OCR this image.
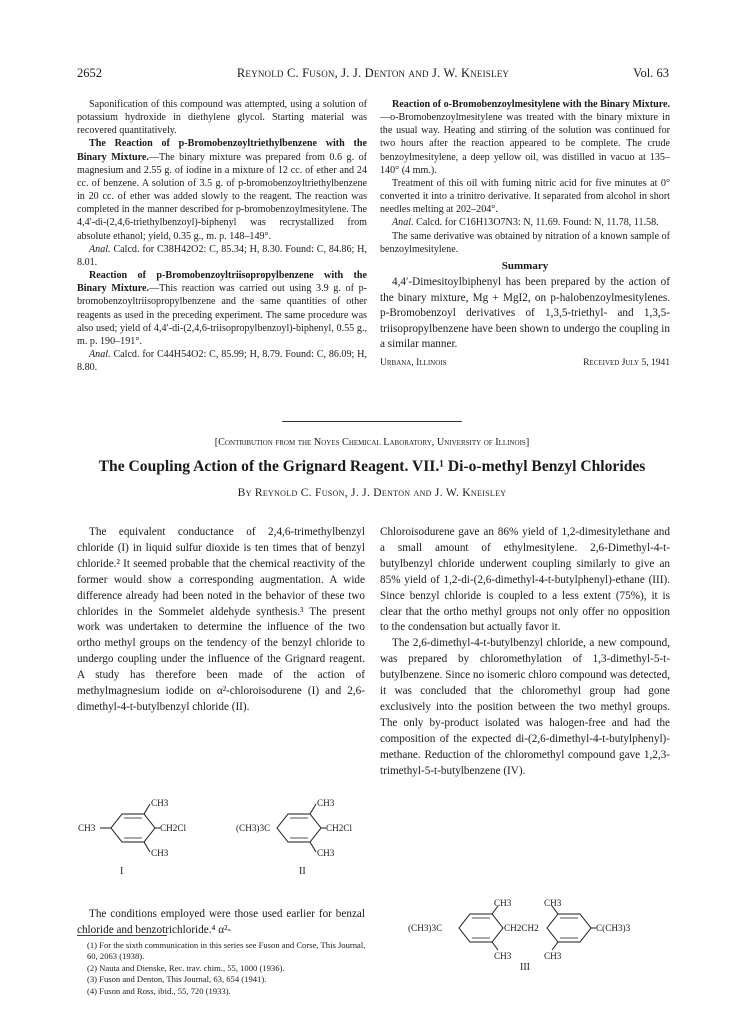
2652	Reynold C. Fuson, J. J. Denton and J. W. Kneisley	Vol. 63

Saponification of this compound was attempted, using a solution of potassium hydroxide in diethylene glycol. Starting material was recovered quantitatively.

The Reaction of p-Bromobenzoyltriethylbenzene with the Binary Mixture.—The binary mixture was prepared from 0.6 g. of magnesium and 2.55 g. of iodine in a mixture of 12 cc. of ether and 24 cc. of benzene. A solution of 3.5 g. of p-bromobenzoyltriethylbenzene in 20 cc. of ether was added slowly to the reagent. The reaction was completed in the manner described for p-bromobenzoylmesitylene. The 4,4′-di-(2,4,6-triethylbenzoyl)-biphenyl was recrystallized from absolute ethanol; yield, 0.35 g., m. p. 148–149°.

Anal. Calcd. for C38H42O2: C, 85.34; H, 8.30. Found: C, 84.86; H, 8.01.

Reaction of p-Bromobenzoyltriisopropylbenzene with the Binary Mixture.—This reaction was carried out using 3.9 g. of p-bromobenzoyltriisopropylbenzene and the same quantities of other reagents as used in the preceding experiment. The same procedure was also used; yield of 4,4′-di-(2,4,6-triisopropylbenzoyl)-biphenyl, 0.55 g., m. p. 190–191°.

Anal. Calcd. for C44H54O2: C, 85.99; H, 8.79. Found: C, 86.09; H, 8.80.

Reaction of o-Bromobenzoylmesitylene with the Binary Mixture.—o-Bromobenzoylmesitylene was treated with the binary mixture in the usual way. Heating and stirring of the solution was continued for two hours after the reaction appeared to be complete. The crude benzoylmesitylene, a deep yellow oil, was distilled in vacuo at 135–140° (4 mm.).

Treatment of this oil with fuming nitric acid for five minutes at 0° converted it into a trinitro derivative. It separated from alcohol in short needles melting at 202–204°.

Anal. Calcd. for C16H13O7N3: N, 11.69. Found: N, 11.78, 11.58.

The same derivative was obtained by nitration of a known sample of benzoylmesitylene.

Summary

4,4′-Dimesitoylbiphenyl has been prepared by the action of the binary mixture, Mg + MgI2, on p-halobenzoylmesitylenes. p-Bromobenzoyl derivatives of 1,3,5-triethyl- and 1,3,5-triisopropylbenzene have been shown to undergo the coupling in a similar manner.

Urbana, Illinois	Received July 5, 1941
[Contribution from the Noyes Chemical Laboratory, University of Illinois]
The Coupling Action of the Grignard Reagent. VII.¹ Di-o-methyl Benzyl Chlorides
By Reynold C. Fuson, J. J. Denton and J. W. Kneisley

The equivalent conductance of 2,4,6-trimethylbenzyl chloride (I) in liquid sulfur dioxide is ten times that of benzyl chloride.² It seemed probable that the chemical reactivity of the former would show a corresponding augmentation. A wide difference already had been noted in the behavior of these two chlorides in the Sommelet aldehyde synthesis.³ The present work was undertaken to determine the influence of the two ortho methyl groups on the tendency of the benzyl chloride to undergo coupling under the influence of the Grignard reagent. A study has therefore been made of the action of methylmagnesium iodide on α²-chloroisodurene (I) and 2,6-dimethyl-4-t-butylbenzyl chloride (II).

Chloroisodurene gave an 86% yield of 1,2-dimesitylethane and a small amount of ethylmesitylene. 2,6-Dimethyl-4-t-butylbenzyl chloride underwent coupling similarly to give an 85% yield of 1,2-di-(2,6-dimethyl-4-t-butylphenyl)-ethane (III). Since benzyl chloride is coupled to a less extent (75%), it is clear that the ortho methyl groups not only offer no opposition to the condensation but actually favor it.

The 2,6-dimethyl-4-t-butylbenzyl chloride, a new compound, was prepared by chloromethylation of 1,3-dimethyl-5-t-butylbenzene. Since no isomeric chloro compound was detected, it was concluded that the chloromethyl group had gone exclusively into the position between the two methyl groups. The only by-product isolated was halogen-free and had the composition of the expected di-(2,6-dimethyl-4-t-butylphenyl)-methane. Reduction of the chloromethyl compound gave 1,2,3-trimethyl-5-t-butylbenzene (IV).

CH3
CH3	CH2Cl
CH3
I
(CH3)3C
CH3
CH2Cl
CH3
II
(CH3)3C
CH3	CH3
CH2CH2	C(CH3)3
CH3	CH3
III

The conditions employed were those used earlier for benzal chloride and benzotrichloride.⁴ α²-

(1) For the sixth communication in this series see Fuson and Corse, This Journal, 60, 2063 (1938).
(2) Nauta and Dienske, Rec. trav. chim., 55, 1000 (1936).
(3) Fuson and Denton, This Journal, 63, 654 (1941).
(4) Fuson and Ross, ibid., 55, 720 (1933).
